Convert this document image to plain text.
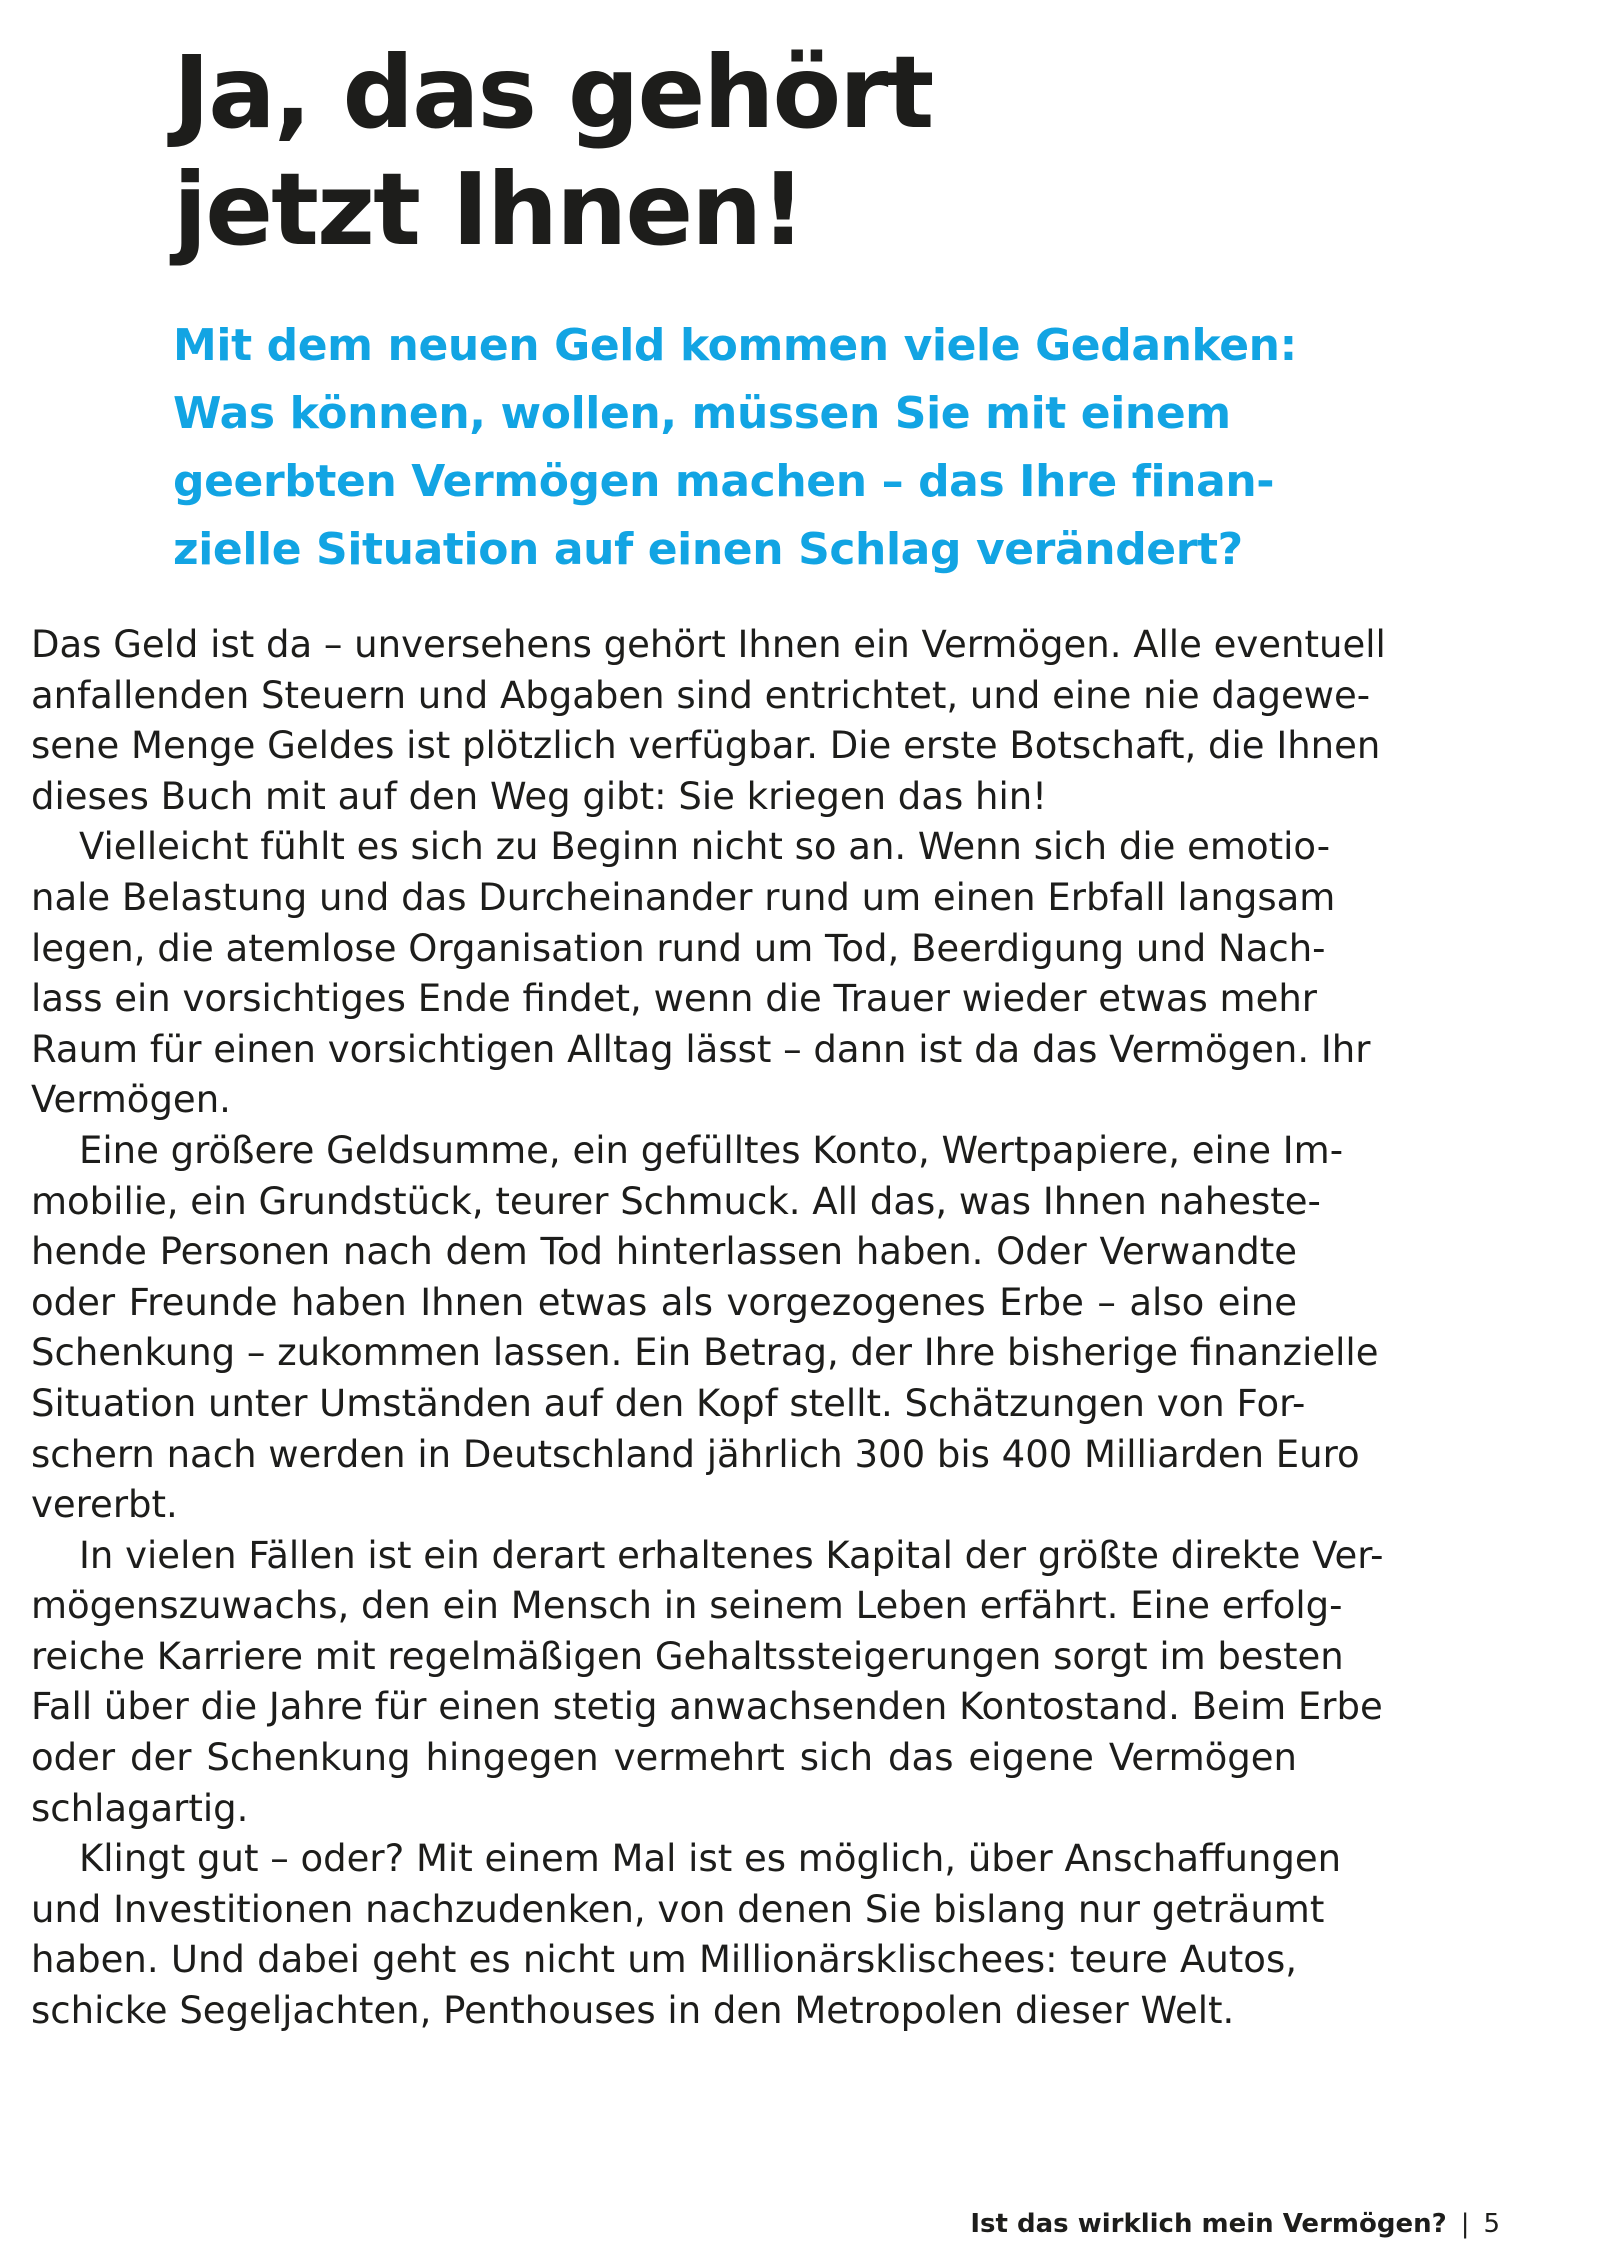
Ja, das gehört
jetzt Ihnen!
Mit dem neuen Geld kommen viele Gedanken:
Was können, wollen, müssen Sie mit einem
geerbten Vermögen machen – das Ihre finan-
zielle Situation auf einen Schlag verändert?
Das Geld ist da – unversehens gehört Ihnen ein Vermögen. Alle eventuell
anfallenden Steuern und Abgaben sind entrichtet, und eine nie dagewe-
sene Menge Geldes ist plötzlich verfügbar. Die erste Botschaft, die Ihnen
dieses Buch mit auf den Weg gibt: Sie kriegen das hin!
Vielleicht fühlt es sich zu Beginn nicht so an. Wenn sich die emotio-
nale Belastung und das Durcheinander rund um einen Erbfall langsam
legen, die atemlose Organisation rund um Tod, Beerdigung und Nach-
lass ein vorsichtiges Ende findet, wenn die Trauer wieder etwas mehr
Raum für einen vorsichtigen Alltag lässt – dann ist da das Vermögen. Ihr
Vermögen.
Eine größere Geldsumme, ein gefülltes Konto, Wertpapiere, eine Im-
mobilie, ein Grundstück, teurer Schmuck. All das, was Ihnen naheste-
hende Personen nach dem Tod hinterlassen haben. Oder Verwandte
oder Freunde haben Ihnen etwas als vorgezogenes Erbe – also eine
Schenkung – zukommen lassen. Ein Betrag, der Ihre bisherige finanzielle
Situation unter Umständen auf den Kopf stellt. Schätzungen von For-
schern nach werden in Deutschland jährlich 300 bis 400 Milliarden Euro
vererbt.
In vielen Fällen ist ein derart erhaltenes Kapital der größte direkte Ver-
mögenszuwachs, den ein Mensch in seinem Leben erfährt. Eine erfolg-
reiche Karriere mit regelmäßigen Gehaltssteigerungen sorgt im besten
Fall über die Jahre für einen stetig anwachsenden Kontostand. Beim Erbe
oder der Schenkung hingegen vermehrt sich das eigene Vermögen
schlagartig.
Klingt gut – oder? Mit einem Mal ist es möglich, über Anschaffungen
und Investitionen nachzudenken, von denen Sie bislang nur geträumt
haben. Und dabei geht es nicht um Millionärsklischees: teure Autos,
schicke Segeljachten, Penthouses in den Metropolen dieser Welt.
Ist das wirklich mein Vermögen? | 5
